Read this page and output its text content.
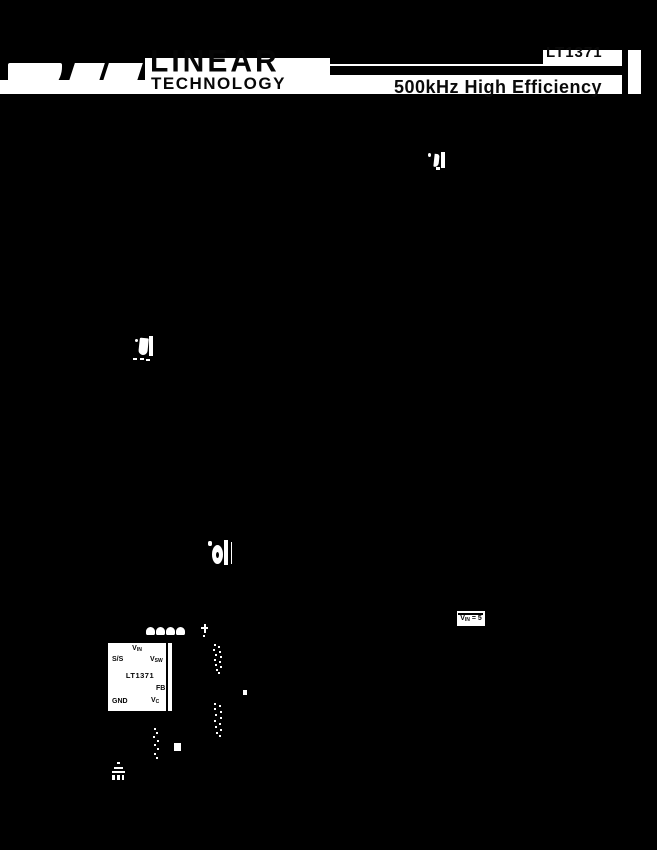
LINEAR
TECHNOLOGY
LT1371
500kHz High Efficiency
$V_{IN}$
S/S	$V_{SW}$
LT1371
FB
GND	$V_C$
$V_{IN} = 5$
